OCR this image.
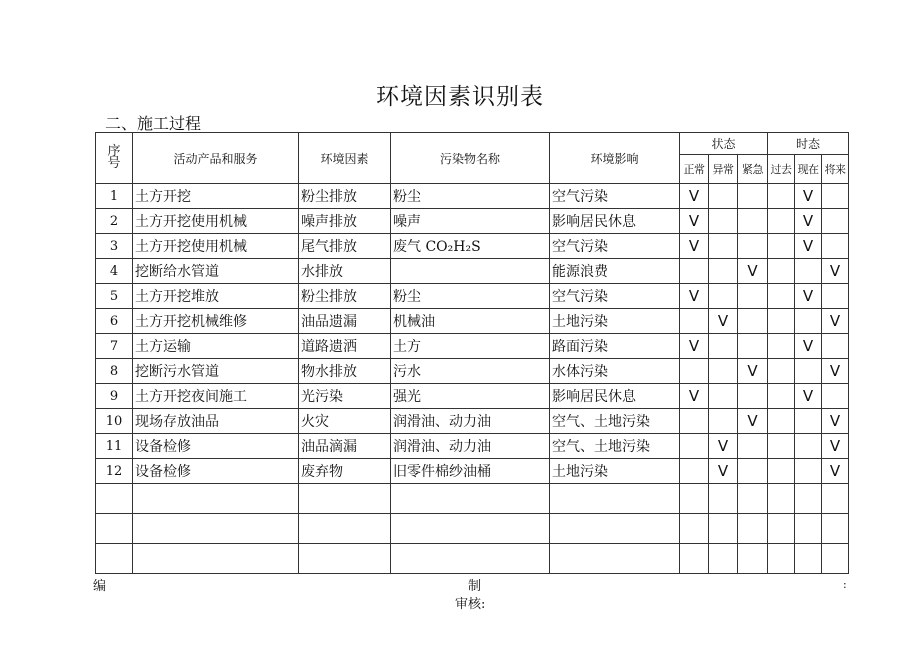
环境因素识别表
二、施工过程
序号	活动产品和服务	环境因素	污染物名称	环境影响	状态			时态		
					正常	异常	紧急	过去	现在	将来
1	土方开挖	粉尘排放	粉尘	空气污染	V				V	
2	土方开挖使用机械	噪声排放	噪声	影响居民休息	V				V	
3	土方开挖使用机械	尾气排放	废气 CO₂H₂S	空气污染	V				V	
4	挖断给水管道	水排放		能源浪费			V			V
5	土方开挖堆放	粉尘排放	粉尘	空气污染	V				V	
6	土方开挖机械维修	油品遗漏	机械油	土地污染		V				V
7	土方运输	道路遗洒	土方	路面污染	V				V	
8	挖断污水管道	物水排放	污水	水体污染			V			V
9	土方开挖夜间施工	光污染	强光	影响居民休息	V				V	
10	现场存放油品	火灾	润滑油、动力油	空气、土地污染			V			V
11	设备检修	油品滴漏	润滑油、动力油	空气、土地污染		V				V
12	设备检修	废弃物	旧零件棉纱油桶	土地污染		V				V

编	制	:
审核:
